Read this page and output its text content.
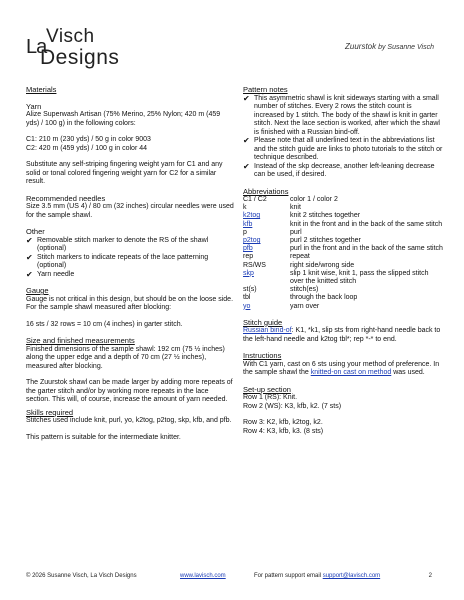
La Visch
Designs	Zuurstok by Susanne Visch

Materials

Yarn

Alize Superwash Artisan (75% Merino, 25% Nylon; 420 m (459 yds) / 100 g) in the following colors:

C1: 210 m (230 yds) / 50 g in color 9003

C2: 420 m (459 yds) / 100 g in color 44

Substitute any self-striping fingering weight yarn for C1 and any solid or tonal colored fingering weight yarn for C2 for a similar result.

Recommended needles

Size 3.5 mm (US 4) / 80 cm (32 inches) circular needles were used for the sample shawl.

Other

✔ Removable stitch marker to denote the RS of the shawl (optional)
✔ Stitch markers to indicate repeats of the lace patterning (optional)
✔ Yarn needle

Gauge

Gauge is not critical in this design, but should be on the loose side. For the sample shawl measured after blocking:

16 sts / 32 rows = 10 cm (4 inches) in garter stitch.

Size and finished measurements

Finished dimensions of the sample shawl: 192 cm (75 ½ inches) along the upper edge and a depth of 70 cm (27 ½ inches), measured after blocking.

The Zuurstok shawl can be made larger by adding more repeats of the garter stitch and/or by working more repeats in the lace section. This will, of course, increase the amount of yarn needed.

Skills required

Stitches used include knit, purl, yo, k2tog, p2tog, skp, kfb, and pfb.

This pattern is suitable for the intermediate knitter.

Pattern notes

✔ This asymmetric shawl is knit sideways starting with a small number of stitches. Every 2 rows the stitch count is increased by 1 stitch. The body of the shawl is knit in garter stitch. Next the lace section is worked, after which the shawl is finished with a Russian bind-off.
✔ Please note that all underlined text in the abbreviations list and the stitch guide are links to photo tutorials to the stitch or technique described.
✔ Instead of the skp decrease, another left-leaning decrease can be used, if desired.

Abbreviations

C1 / C2	color 1 / color 2
k	knit
k2tog	knit 2 stitches together
kfb	knit in the front and in the back of the same stitch
p	purl
p2tog	purl 2 stitches together
pfb	purl in the front and in the back of the same stitch
rep	repeat
RS/WS	right side/wrong side
skp	slip 1 knit wise, knit 1, pass the slipped stitch over the knitted stitch
st(s)	stitch(es)
tbl	through the back loop
yo	yarn over

Stitch guide

Russian bind-of: K1, *k1, slip sts from right-hand needle back to the left-hand needle and k2tog tbl*; rep *-* to end.

Instructions

With C1 yarn, cast on 6 sts using your method of preference. In the sample shawl the knitted-on cast on method was used.

Set-up section

Row 1 (RS): Knit.

Row 2 (WS): K3, kfb, k2. (7 sts)

Row 3: K2, kfb, k2tog, k2.

Row 4: K3, kfb, k3. (8 sts)

© 2026 Susanne Visch, La Visch Designs	www.lavisch.com	For pattern support email support@lavisch.com	2
